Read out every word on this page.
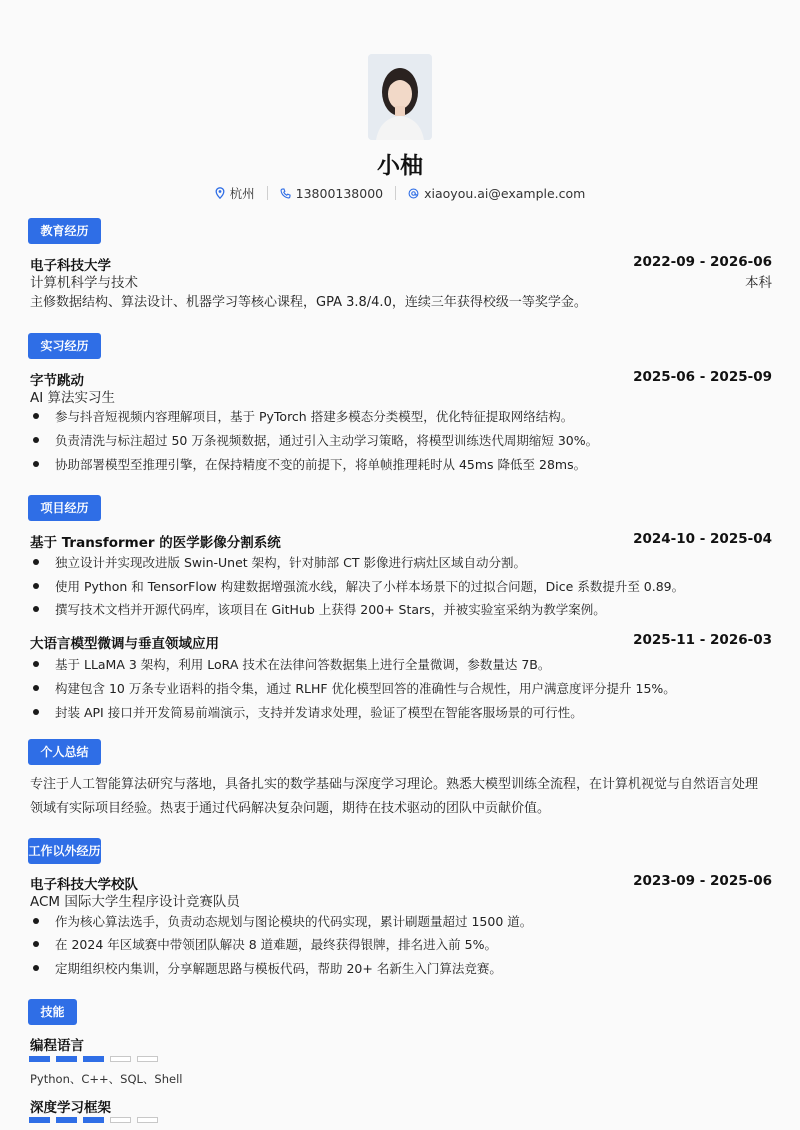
小柚
杭州	13800138000	xiaoyou.ai@example.com
教育经历
电子科技大学	2022-09 - 2026-06
计算机科学与技术	本科
主修数据结构、算法设计、机器学习等核心课程，GPA 3.8/4.0，连续三年获得校级一等奖学金。
实习经历
字节跳动	2025-06 - 2025-09
AI 算法实习生
参与抖音短视频内容理解项目，基于 PyTorch 搭建多模态分类模型，优化特征提取网络结构。
负责清洗与标注超过 50 万条视频数据，通过引入主动学习策略，将模型训练迭代周期缩短 30%。
协助部署模型至推理引擎，在保持精度不变的前提下，将单帧推理耗时从 45ms 降低至 28ms。
项目经历
基于 Transformer 的医学影像分割系统	2024-10 - 2025-04
独立设计并实现改进版 Swin-Unet 架构，针对肺部 CT 影像进行病灶区域自动分割。
使用 Python 和 TensorFlow 构建数据增强流水线，解决了小样本场景下的过拟合问题，Dice 系数提升至 0.89。
撰写技术文档并开源代码库，该项目在 GitHub 上获得 200+ Stars，并被实验室采纳为教学案例。
大语言模型微调与垂直领域应用	2025-11 - 2026-03
基于 LLaMA 3 架构，利用 LoRA 技术在法律问答数据集上进行全量微调，参数量达 7B。
构建包含 10 万条专业语料的指令集，通过 RLHF 优化模型回答的准确性与合规性，用户满意度评分提升 15%。
封装 API 接口并开发简易前端演示，支持并发请求处理，验证了模型在智能客服场景的可行性。
个人总结
专注于人工智能算法研究与落地，具备扎实的数学基础与深度学习理论。熟悉大模型训练全流程，在计算机视觉与自然语言处理
领域有实际项目经验。热衷于通过代码解决复杂问题，期待在技术驱动的团队中贡献价值。
工作以外经历
电子科技大学校队	2023-09 - 2025-06
ACM 国际大学生程序设计竞赛队员
作为核心算法选手，负责动态规划与图论模块的代码实现，累计刷题量超过 1500 道。
在 2024 年区域赛中带领团队解决 8 道难题，最终获得银牌，排名进入前 5%。
定期组织校内集训，分享解题思路与模板代码，帮助 20+ 名新生入门算法竞赛。
技能
编程语言
Python、C++、SQL、Shell
深度学习框架
